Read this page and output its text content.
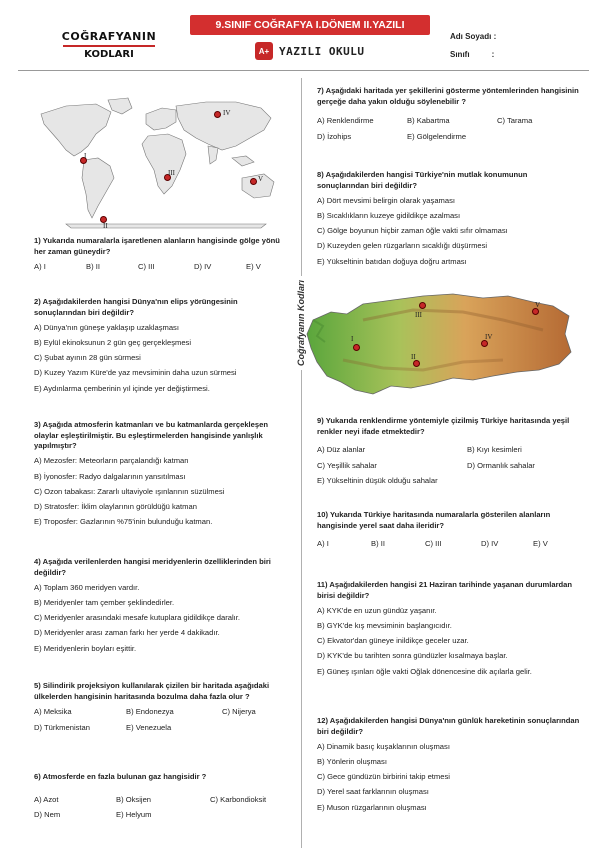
COĞRAFYANIN
KODLARI
9.SINIF COĞRAFYA I.DÖNEM II.YAZILI
A+ YAZILI OKULU
Adı Soyadı :
Sınıfı	:
Coğrafyanın Kodları
IV
I
III
V
II
1) Yukarıda numaralarla işaretlenen alanların hangisinde gölge yönü her zaman güneydir?
A) I	B) II	C) III	D) IV	E) V
2) Aşağıdakilerden hangisi Dünya'nın elips yörüngesinin sonuçlarından biri değildir?
A) Dünya'nın güneşe yaklaşıp uzaklaşması
B) Eylül ekinoksunun 2 gün geç gerçekleşmesi
C) Şubat ayının 28 gün sürmesi
D) Kuzey Yazım Küre'de yaz mevsiminin daha uzun sürmesi
E) Aydınlarma çemberinin yıl içinde yer değiştirmesi.
3) Aşağıda atmosferin katmanları ve bu katmanlarda gerçekleşen olaylar eşleştirilmiştir. Bu eşleştirmelerden hangisinde yanlışlık yapılmıştır?
A) Mezosfer: Meteorların parçalandığı katman
B) İyonosfer: Radyo dalgalarının yansıtılması
C) Ozon tabakası: Zararlı ultaviyole ışınlarının süzülmesi
D) Stratosfer: İklim olaylarının görüldüğü katman
E) Troposfer: Gazlarının %75'inin bulunduğu katman.
4) Aşağıda verilenlerden hangisi meridyenlerin özelliklerinden biri değildir?
A) Toplam 360 meridyen vardır.
B) Meridyenler tam çember şeklindedirler.
C) Meridyenler arasındaki mesafe kutuplara gidildikçe daralır.
D) Meridyenler arası zaman farkı her yerde 4 dakikadır.
E) Meridyenlerin boyları eşittir.
5) Silindirik projeksiyon kullanılarak çizilen bir haritada aşağıdaki ülkelerden hangisinin haritasında bozulma daha fazla olur ?
A) Meksika	B) Endonezya	C) Nijerya
D) Türkmenistan	E) Venezuela
6) Atmosferde en fazla bulunan gaz hangisidir ?
A) Azot	B) Oksijen	C) Karbondioksit
D) Nem	E) Helyum
7) Aşağıdaki haritada yer şekillerini gösterme yöntemlerinden hangisinin gerçeğe daha yakın olduğu söylenebilir ?
A) Renklendirme	B) Kabartma	C) Tarama
D) İzohips	E) Gölgelendirme
8) Aşağıdakilerden hangisi Türkiye'nin mutlak konumunun sonuçlarından biri değildir?
A) Dört mevsimi belirgin olarak yaşaması
B) Sıcaklıkların kuzeye gidildikçe azalması
C) Gölge boyunun hiçbir zaman öğle vakti sıfır olmaması
D) Kuzeyden gelen rüzgarların sıcaklığı düşürmesi
E) Yükseltinin batıdan doğuya doğru artması
III
V
I	IV
II
9) Yukarıda renklendirme yöntemiyle çizilmiş Türkiye haritasında yeşil renkler neyi ifade etmektedir?
A) Düz alanlar	B) Kıyı kesimleri
C) Yeşillik sahalar	D) Ormanlık sahalar
E) Yükseltinin düşük olduğu sahalar
10) Yukarıda Türkiye haritasında numaralarla gösterilen alanların hangisinde yerel saat daha ileridir?
A) I	B) II	C) III	D) IV	E) V
11) Aşağıdakilerden hangisi 21 Haziran tarihinde yaşanan durumlardan birisi değildir?
A) KYK'de en uzun gündüz yaşanır.
B) GYK'de kış mevsiminin başlangıcıdır.
C) Ekvator'dan güneye inildikçe geceler uzar.
D) KYK'de bu tarihten sonra gündüzler kısalmaya başlar.
E) Güneş ışınları öğle vakti Oğlak dönencesine dik açılarla gelir.
12) Aşağıdakilerden hangisi Dünya'nın günlük hareketinin sonuçlarından biri değildir?
A) Dinamik basıç kuşaklarının oluşması
B) Yönlerin oluşması
C) Gece gündüzün birbirini takip etmesi
D) Yerel saat farklarının oluşması
E) Muson rüzgarlarının oluşması
